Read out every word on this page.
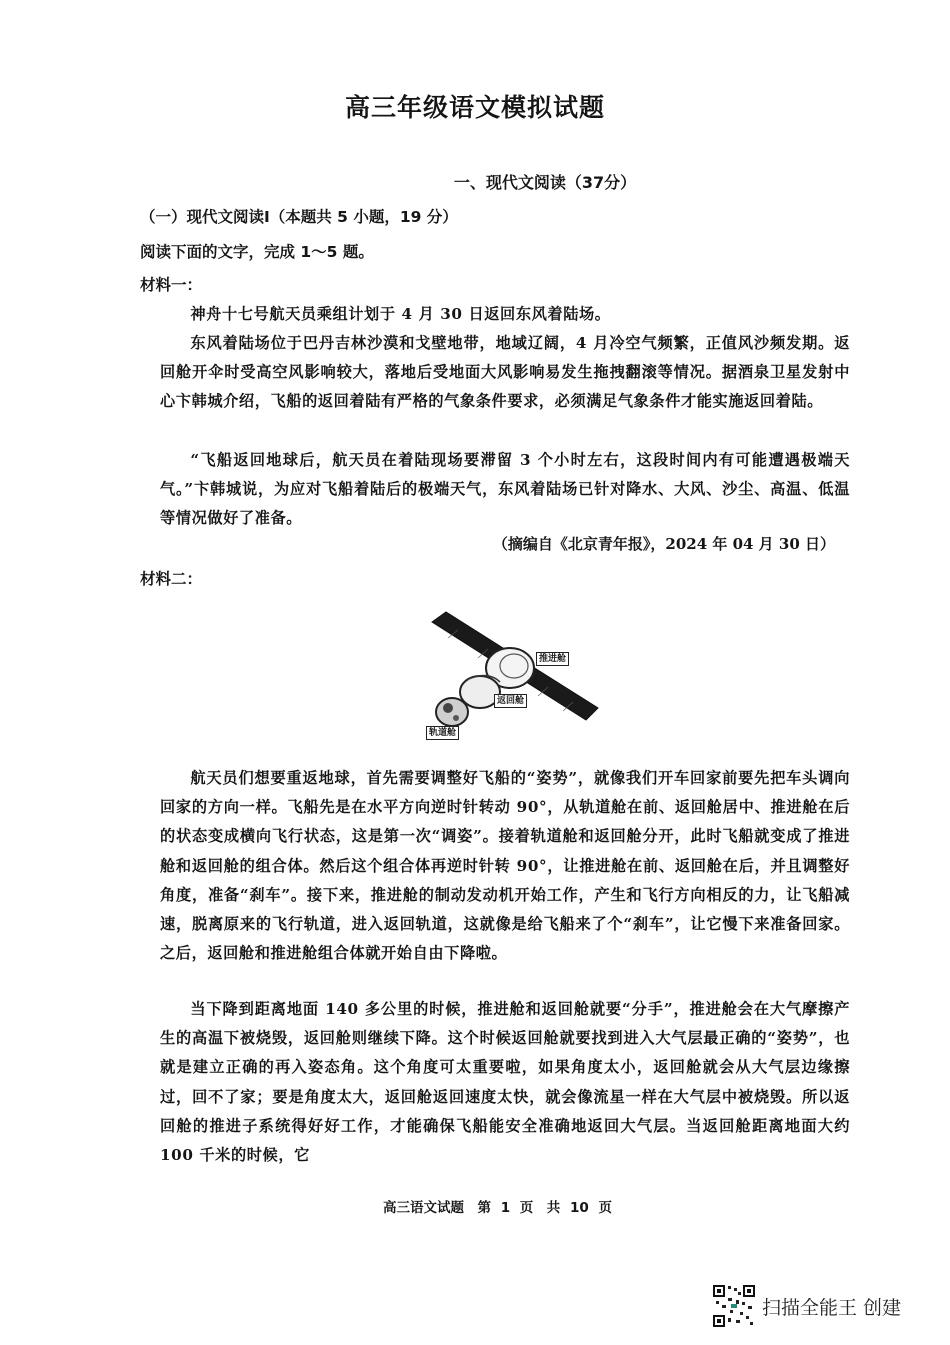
高三年级语文模拟试题
一、现代文阅读（37分）
（一）现代文阅读Ⅰ（本题共 5 小题，19 分）
阅读下面的文字，完成 1～5 题。
材料一：
神舟十七号航天员乘组计划于 4 月 30 日返回东风着陆场。
东风着陆场位于巴丹吉林沙漠和戈壁地带，地域辽阔，4 月冷空气频繁，正值风沙频发期。返回舱开伞时受高空风影响较大，落地后受地面大风影响易发生拖拽翻滚等情况。据酒泉卫星发射中心卞韩城介绍，飞船的返回着陆有严格的气象条件要求，必须满足气象条件才能实施返回着陆。
“飞船返回地球后，航天员在着陆现场要滞留 3 个小时左右，这段时间内有可能遭遇极端天气。”卞韩城说，为应对飞船着陆后的极端天气，东风着陆场已针对降水、大风、沙尘、高温、低温等情况做好了准备。
（摘编自《北京青年报》，2024 年 04 月 30 日）
材料二：
推进舱
返回舱
轨道舱
航天员们想要重返地球，首先需要调整好飞船的“姿势”，就像我们开车回家前要先把车头调向回家的方向一样。飞船先是在水平方向逆时针转动 90°，从轨道舱在前、返回舱居中、推进舱在后的状态变成横向飞行状态，这是第一次“调姿”。接着轨道舱和返回舱分开，此时飞船就变成了推进舱和返回舱的组合体。然后这个组合体再逆时针转 90°，让推进舱在前、返回舱在后，并且调整好角度，准备“刹车”。接下来，推进舱的制动发动机开始工作，产生和飞行方向相反的力，让飞船减速，脱离原来的飞行轨道，进入返回轨道，这就像是给飞船来了个“刹车”，让它慢下来准备回家。之后，返回舱和推进舱组合体就开始自由下降啦。
当下降到距离地面 140 多公里的时候，推进舱和返回舱就要“分手”，推进舱会在大气摩擦产生的高温下被烧毁，返回舱则继续下降。这个时候返回舱就要找到进入大气层最正确的“姿势”，也就是建立正确的再入姿态角。这个角度可太重要啦，如果角度太小，返回舱就会从大气层边缘擦过，回不了家；要是角度太大，返回舱返回速度太快，就会像流星一样在大气层中被烧毁。所以返回舱的推进子系统得好好工作，才能确保飞船能安全准确地返回大气层。当返回舱距离地面大约 100 千米的时候，它
高三语文试题　第 1 页　共 10 页
扫描全能王 创建
